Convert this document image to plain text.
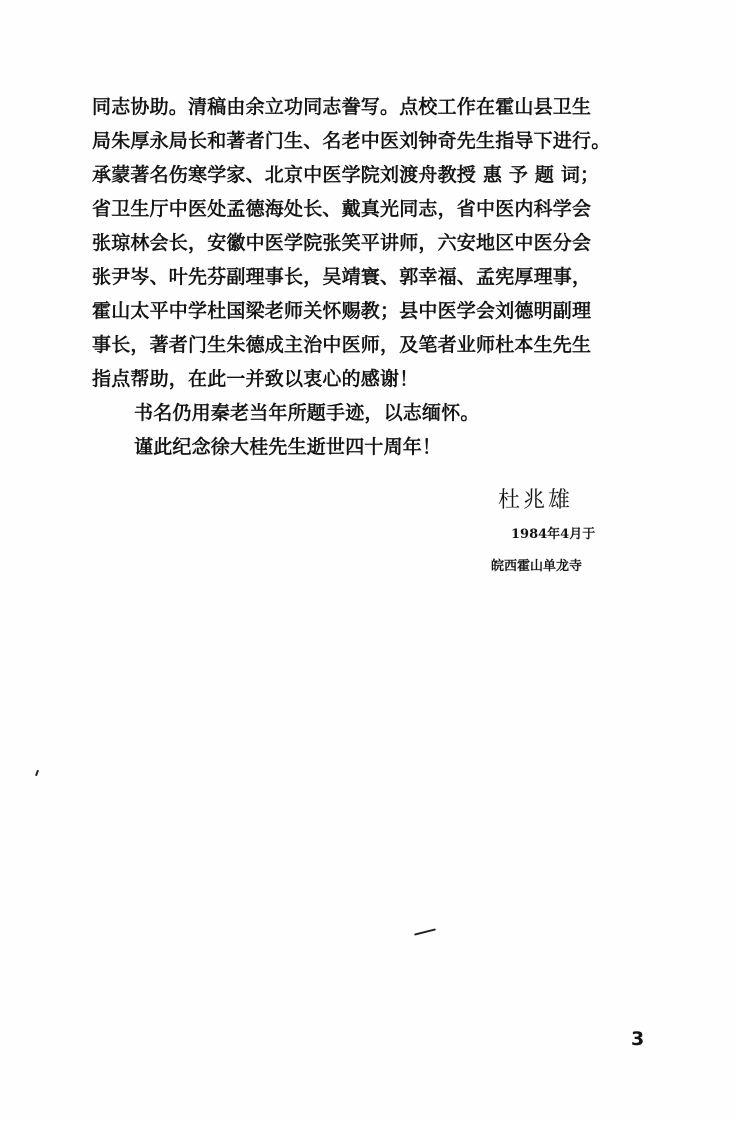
同志协助。清稿由余立功同志誊写。点校工作在霍山县卫生
局朱厚永局长和著者门生、名老中医刘钟奇先生指导下进行。
承蒙著名伤寒学家、北京中医学院刘渡舟教授 惠 予 题 词；
省卫生厅中医处孟德海处长、戴真光同志，省中医内科学会
张琼林会长，安徽中医学院张笑平讲师，六安地区中医分会
张尹岑、叶先芬副理事长，吴靖寰、郭幸福、孟宪厚理事，
霍山太平中学杜国梁老师关怀赐教；县中医学会刘德明副理
事长，著者门生朱德成主治中医师，及笔者业师杜本生先生
指点帮助，在此一并致以衷心的感谢！
书名仍用秦老当年所题手迹，以志缅怀。
谨此纪念徐大桂先生逝世四十周年！
杜兆雄
1984年4月于
皖西霍山单龙寺
3
